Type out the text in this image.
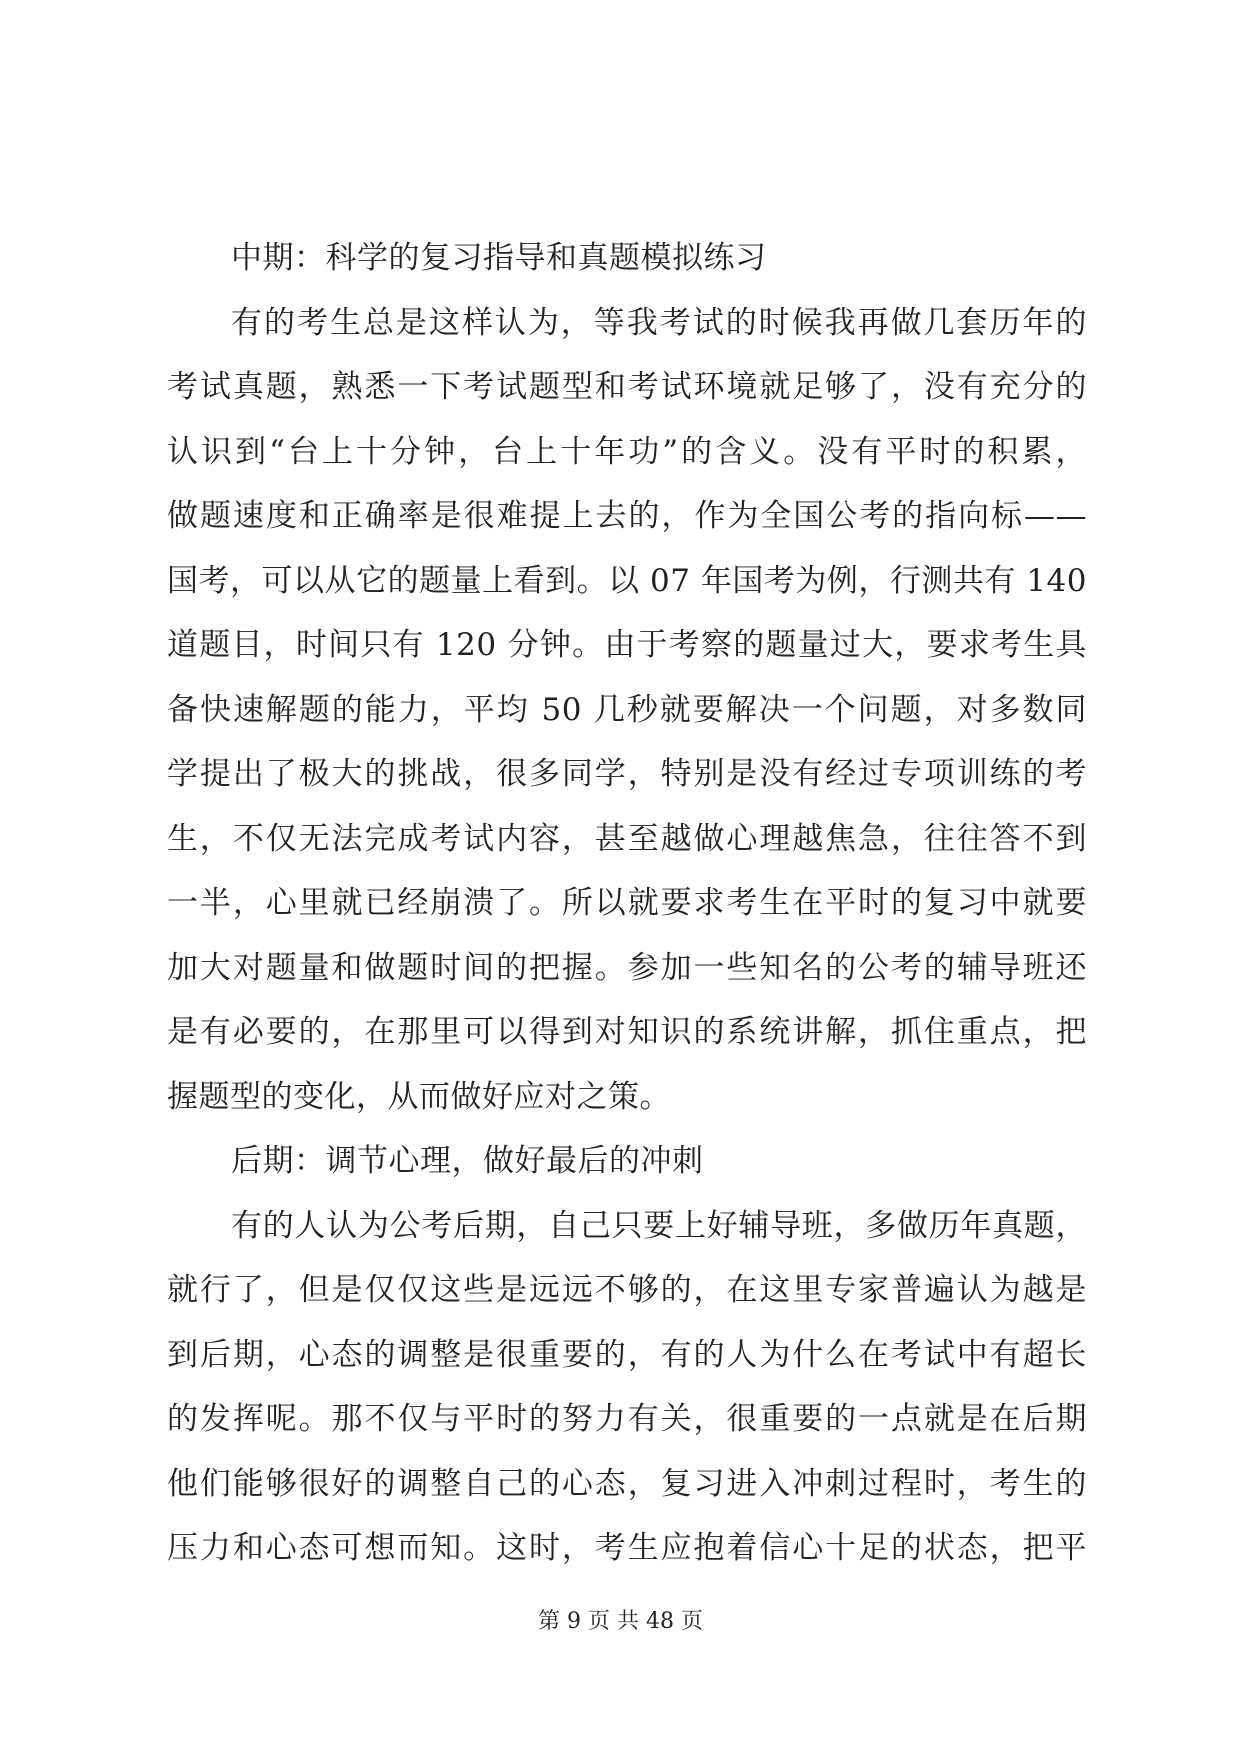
中期：科学的复习指导和真题模拟练习
有的考生总是这样认为，等我考试的时候我再做几套历年的
考试真题，熟悉一下考试题型和考试环境就足够了，没有充分的
认识到“台上十分钟，台上十年功”的含义。没有平时的积累，
做题速度和正确率是很难提上去的，作为全国公考的指向标——
国考，可以从它的题量上看到。以 07 年国考为例，行测共有 140
道题目，时间只有 120 分钟。由于考察的题量过大，要求考生具
备快速解题的能力，平均 50 几秒就要解决一个问题，对多数同
学提出了极大的挑战，很多同学，特别是没有经过专项训练的考
生，不仅无法完成考试内容，甚至越做心理越焦急，往往答不到
一半，心里就已经崩溃了。所以就要求考生在平时的复习中就要
加大对题量和做题时间的把握。参加一些知名的公考的辅导班还
是有必要的，在那里可以得到对知识的系统讲解，抓住重点，把
握题型的变化，从而做好应对之策。
后期：调节心理，做好最后的冲刺
有的人认为公考后期，自己只要上好辅导班，多做历年真题，
就行了，但是仅仅这些是远远不够的，在这里专家普遍认为越是
到后期，心态的调整是很重要的，有的人为什么在考试中有超长
的发挥呢。那不仅与平时的努力有关，很重要的一点就是在后期
他们能够很好的调整自己的心态，复习进入冲刺过程时，考生的
压力和心态可想而知。这时，考生应抱着信心十足的状态，把平
第 9 页 共 48 页
